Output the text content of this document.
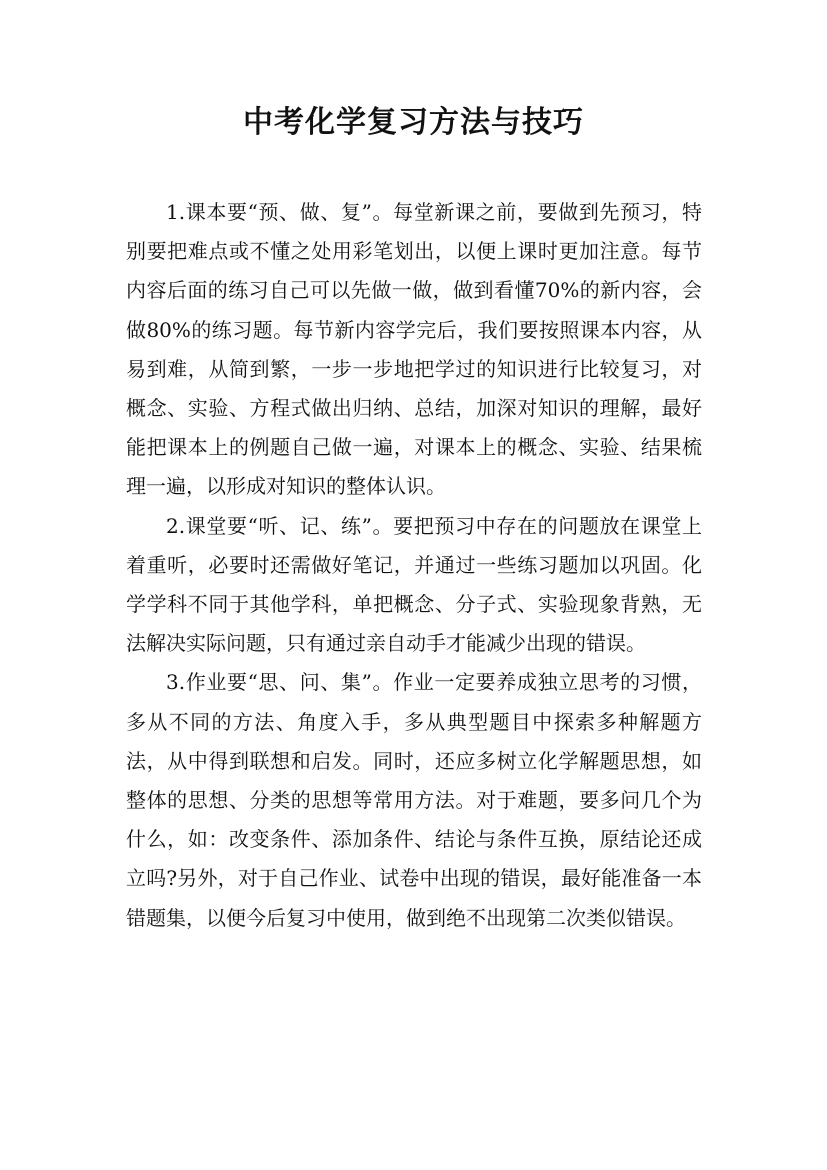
中考化学复习方法与技巧

1.课本要“预、做、复”。每堂新课之前，要做到先预习，特别要把难点或不懂之处用彩笔划出，以便上课时更加注意。每节内容后面的练习自己可以先做一做，做到看懂70%的新内容，会做80%的练习题。每节新内容学完后，我们要按照课本内容，从易到难，从简到繁，一步一步地把学过的知识进行比较复习，对概念、实验、方程式做出归纳、总结，加深对知识的理解，最好能把课本上的例题自己做一遍，对课本上的概念、实验、结果梳理一遍，以形成对知识的整体认识。

2.课堂要“听、记、练”。要把预习中存在的问题放在课堂上着重听，必要时还需做好笔记，并通过一些练习题加以巩固。化学学科不同于其他学科，单把概念、分子式、实验现象背熟，无法解决实际问题，只有通过亲自动手才能减少出现的错误。

3.作业要“思、问、集”。作业一定要养成独立思考的习惯，多从不同的方法、角度入手，多从典型题目中探索多种解题方法，从中得到联想和启发。同时，还应多树立化学解题思想，如整体的思想、分类的思想等常用方法。对于难题，要多问几个为什么，如：改变条件、添加条件、结论与条件互换，原结论还成立吗?另外，对于自己作业、试卷中出现的错误，最好能准备一本错题集，以便今后复习中使用，做到绝不出现第二次类似错误。
